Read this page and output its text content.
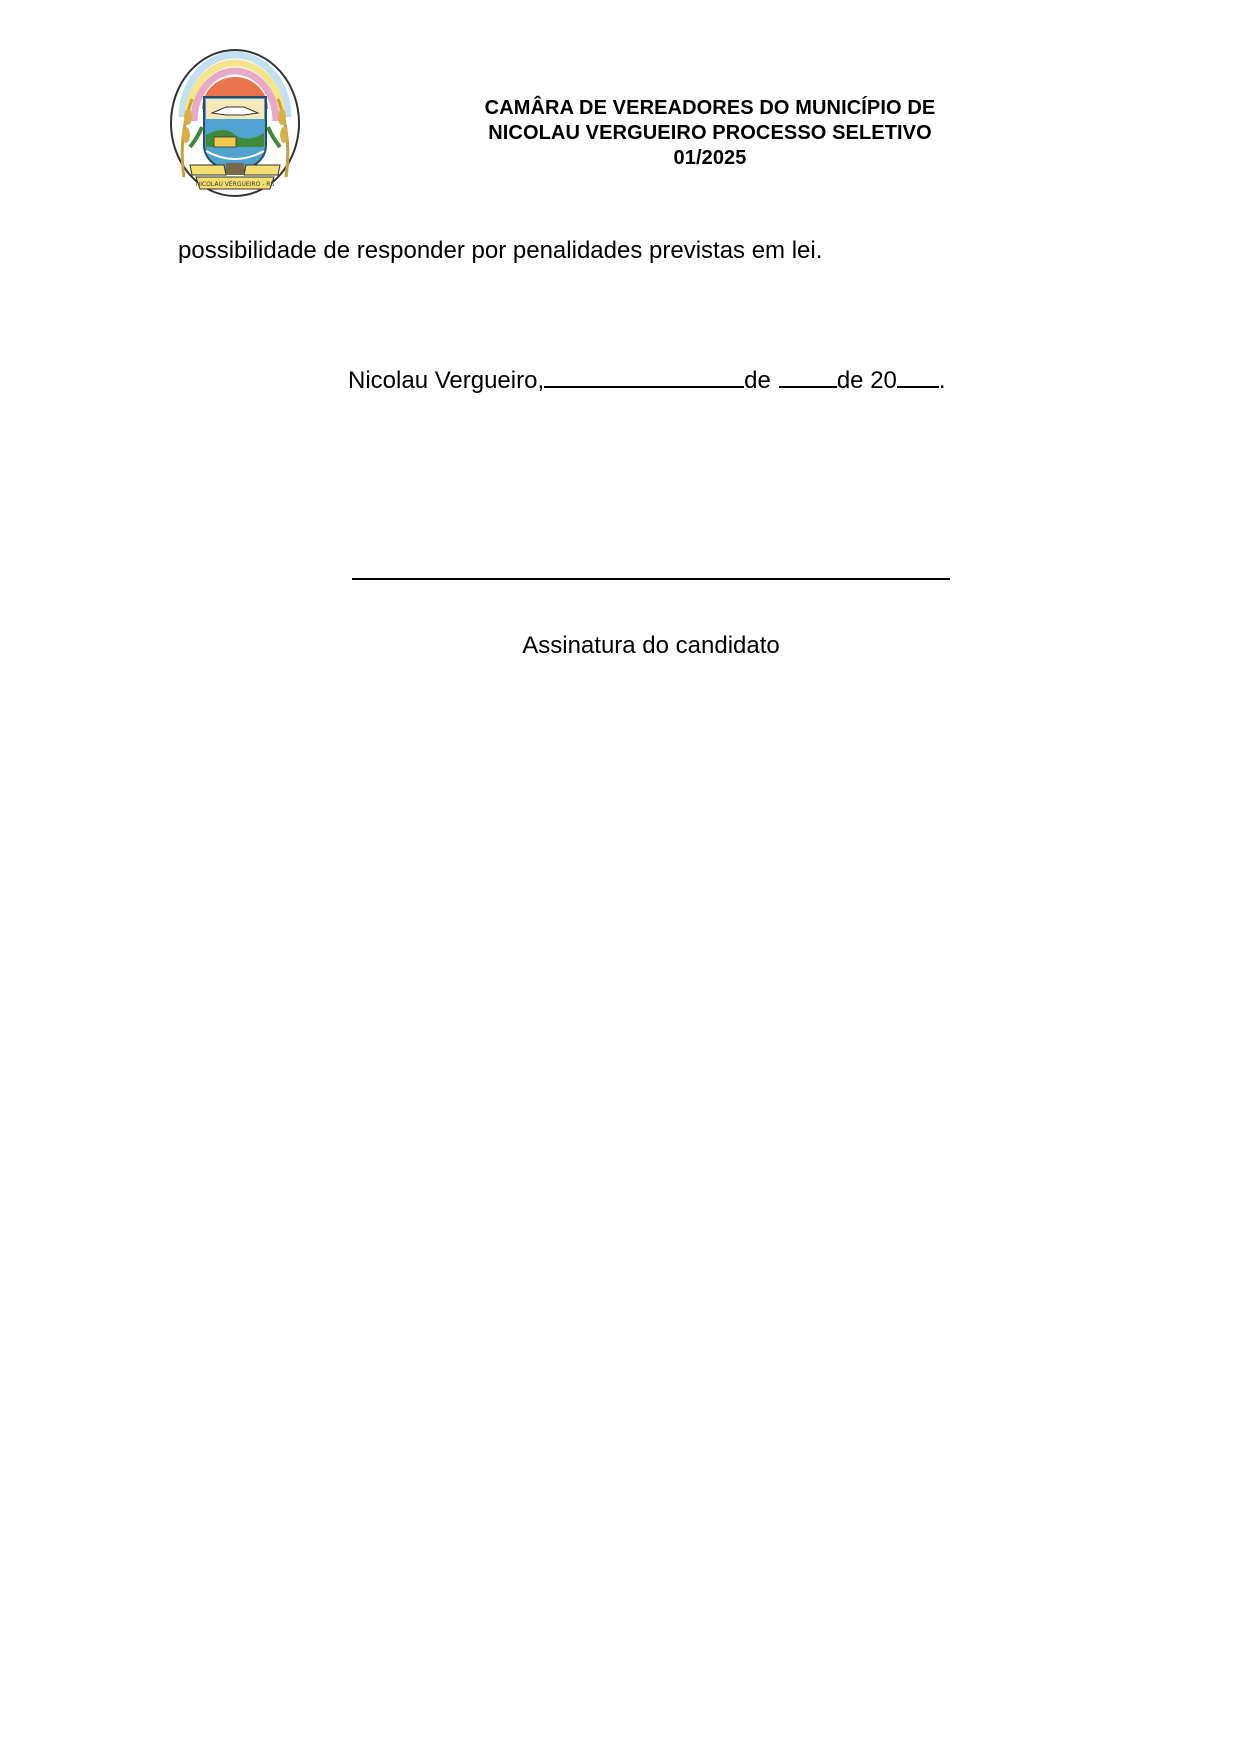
NICOLAU VERGUEIRO - RS
CAMÂRA DE VEREADORES DO MUNICÍPIO DE
NICOLAU VERGUEIRO PROCESSO SELETIVO
01/2025
possibilidade de responder por penalidades previstas em lei.
Nicolau Vergueiro,	de	de 20 .
Assinatura do candidato
